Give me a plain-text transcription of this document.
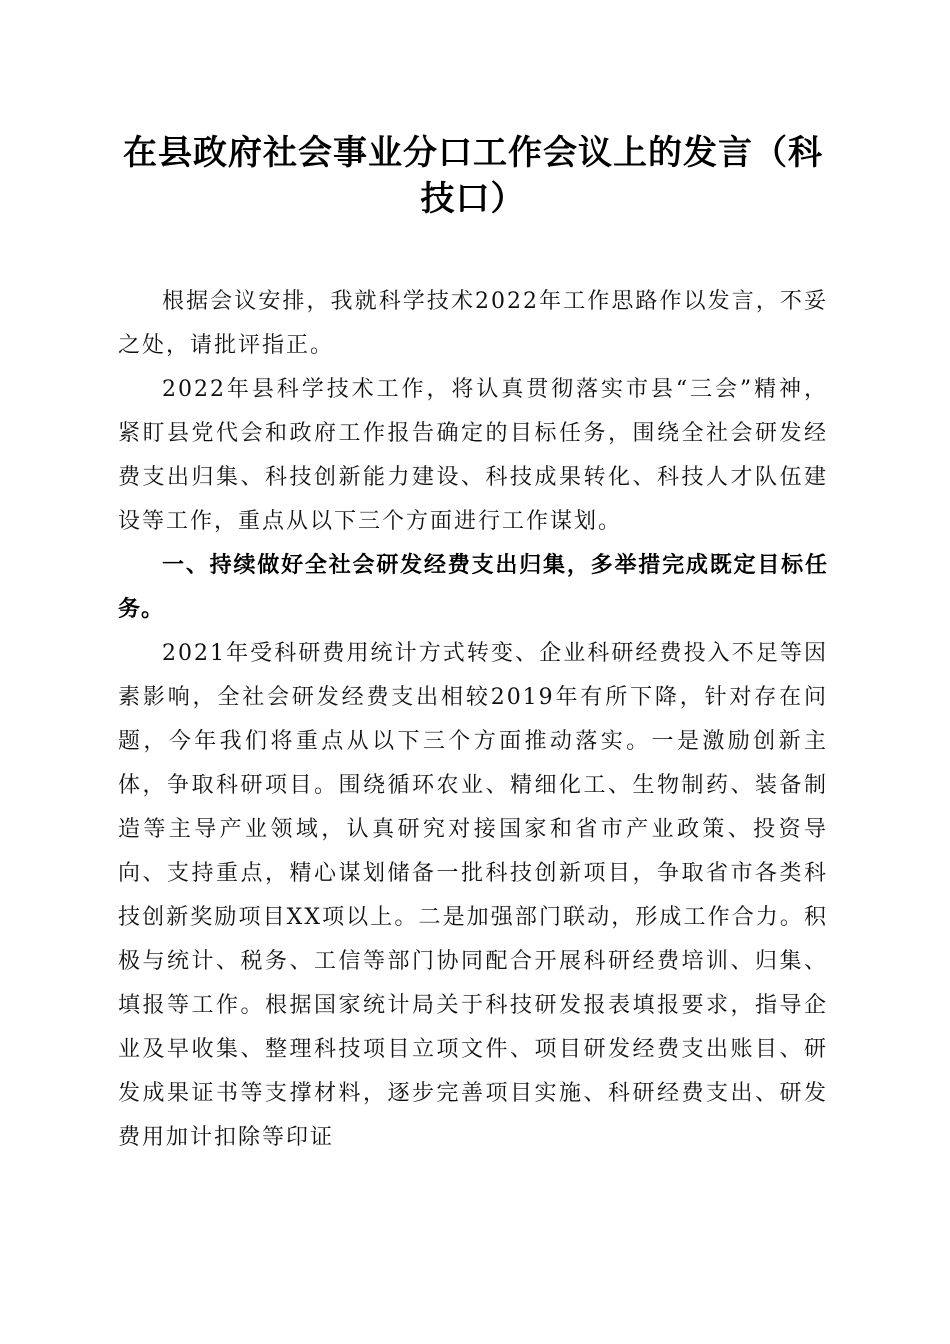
在县政府社会事业分口工作会议上的发言（科技口）

根据会议安排，我就科学技术2022年工作思路作以发言，不妥之处，请批评指正。

2022年县科学技术工作，将认真贯彻落实市县“三会”精神，紧盯县党代会和政府工作报告确定的目标任务，围绕全社会研发经费支出归集、科技创新能力建设、科技成果转化、科技人才队伍建设等工作，重点从以下三个方面进行工作谋划。

一、持续做好全社会研发经费支出归集，多举措完成既定目标任务。

2021年受科研费用统计方式转变、企业科研经费投入不足等因素影响，全社会研发经费支出相较2019年有所下降，针对存在问题，今年我们将重点从以下三个方面推动落实。一是激励创新主体，争取科研项目。围绕循环农业、精细化工、生物制药、装备制造等主导产业领域，认真研究对接国家和省市产业政策、投资导向、支持重点，精心谋划储备一批科技创新项目，争取省市各类科技创新奖励项目XX项以上。二是加强部门联动，形成工作合力。积极与统计、税务、工信等部门协同配合开展科研经费培训、归集、填报等工作。根据国家统计局关于科技研发报表填报要求，指导企业及早收集、整理科技项目立项文件、项目研发经费支出账目、研发成果证书等支撑材料，逐步完善项目实施、科研经费支出、研发费用加计扣除等印证
